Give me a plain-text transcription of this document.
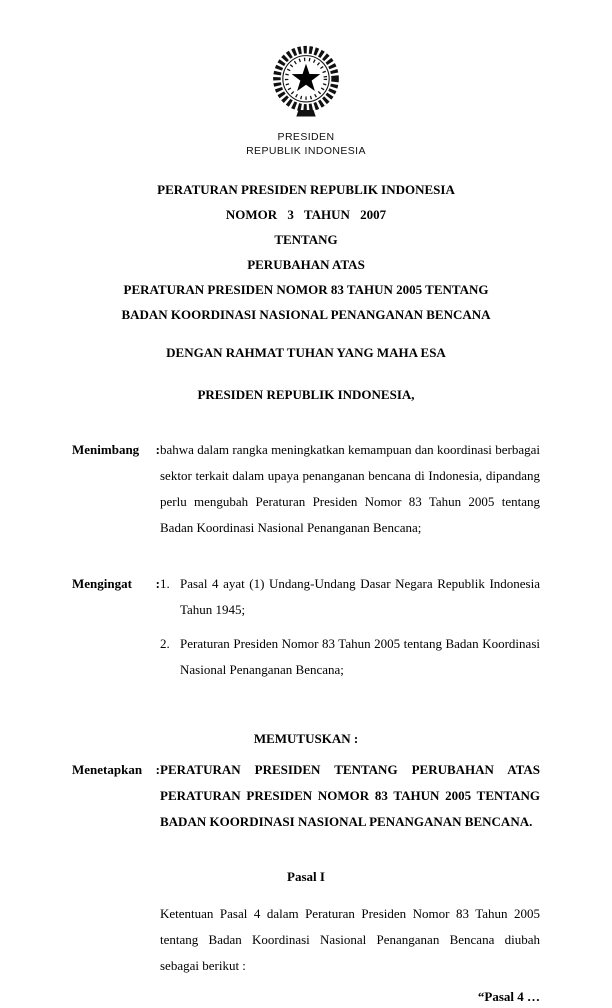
PRESIDEN
REPUBLIK INDONESIA
PERATURAN PRESIDEN REPUBLIK INDONESIA
NOMOR 3 TAHUN 2007
TENTANG
PERUBAHAN ATAS
PERATURAN PRESIDEN NOMOR 83 TAHUN 2005 TENTANG
BADAN KOORDINASI NASIONAL PENANGANAN BENCANA
DENGAN RAHMAT TUHAN YANG MAHA ESA
PRESIDEN REPUBLIK INDONESIA,
Menimbang : bahwa dalam rangka meningkatkan kemampuan dan koordinasi berbagai sektor terkait dalam upaya penanganan bencana di Indonesia, dipandang perlu mengubah Peraturan Presiden Nomor 83 Tahun 2005 tentang Badan Koordinasi Nasional Penanganan Bencana;
Mengingat : 1. Pasal 4 ayat (1) Undang-Undang Dasar Negara Republik Indonesia Tahun 1945;
2. Peraturan Presiden Nomor 83 Tahun 2005 tentang Badan Koordinasi Nasional Penanganan Bencana;
MEMUTUSKAN :
Menetapkan : PERATURAN PRESIDEN TENTANG PERUBAHAN ATAS PERATURAN PRESIDEN NOMOR 83 TAHUN 2005 TENTANG BADAN KOORDINASI NASIONAL PENANGANAN BENCANA.
Pasal I
Ketentuan Pasal 4 dalam Peraturan Presiden Nomor 83 Tahun 2005 tentang Badan Koordinasi Nasional Penanganan Bencana diubah sebagai berikut :
“Pasal 4 …
